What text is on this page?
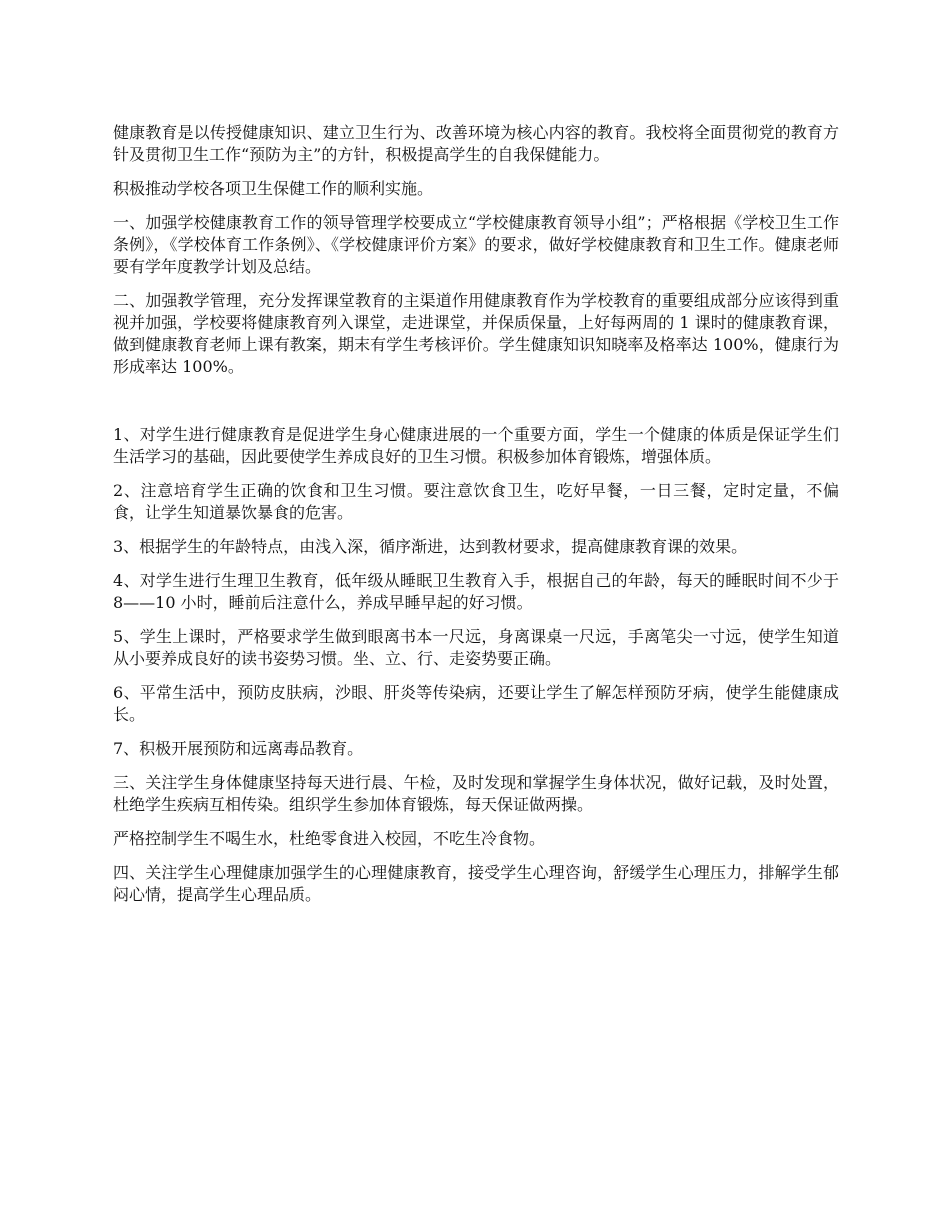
健康教育是以传授健康知识、建立卫生行为、改善环境为核心内容的教育。我校将全面贯彻党的教育方针及贯彻卫生工作“预防为主”的方针，积极提高学生的自我保健能力。

积极推动学校各项卫生保健工作的顺利实施。

一、加强学校健康教育工作的领导管理学校要成立“学校健康教育领导小组”；严格根据《学校卫生工作条例》，《学校体育工作条例》、《学校健康评价方案》的要求，做好学校健康教育和卫生工作。健康老师要有学年度教学计划及总结。

二、加强教学管理，充分发挥课堂教育的主渠道作用健康教育作为学校教育的重要组成部分应该得到重视并加强，学校要将健康教育列入课堂，走进课堂，并保质保量，上好每两周的 1 课时的健康教育课，做到健康教育老师上课有教案，期末有学生考核评价。学生健康知识知晓率及格率达 100%，健康行为形成率达 100%。

1、对学生进行健康教育是促进学生身心健康进展的一个重要方面，学生一个健康的体质是保证学生们生活学习的基础，因此要使学生养成良好的卫生习惯。积极参加体育锻炼，增强体质。

2、注意培育学生正确的饮食和卫生习惯。要注意饮食卫生，吃好早餐，一日三餐，定时定量，不偏食，让学生知道暴饮暴食的危害。

3、根据学生的年龄特点，由浅入深，循序渐进，达到教材要求，提高健康教育课的效果。

4、对学生进行生理卫生教育，低年级从睡眠卫生教育入手，根据自己的年龄，每天的睡眠时间不少于 8——10 小时，睡前后注意什么，养成早睡早起的好习惯。

5、学生上课时，严格要求学生做到眼离书本一尺远，身离课桌一尺远，手离笔尖一寸远，使学生知道从小要养成良好的读书姿势习惯。坐、立、行、走姿势要正确。

6、平常生活中，预防皮肤病，沙眼、肝炎等传染病，还要让学生了解怎样预防牙病，使学生能健康成长。

7、积极开展预防和远离毒品教育。

三、关注学生身体健康坚持每天进行晨、午检，及时发现和掌握学生身体状况，做好记载，及时处置，杜绝学生疾病互相传染。组织学生参加体育锻炼，每天保证做两操。

严格控制学生不喝生水，杜绝零食进入校园，不吃生冷食物。

四、关注学生心理健康加强学生的心理健康教育，接受学生心理咨询，舒缓学生心理压力，排解学生郁闷心情，提高学生心理品质。
